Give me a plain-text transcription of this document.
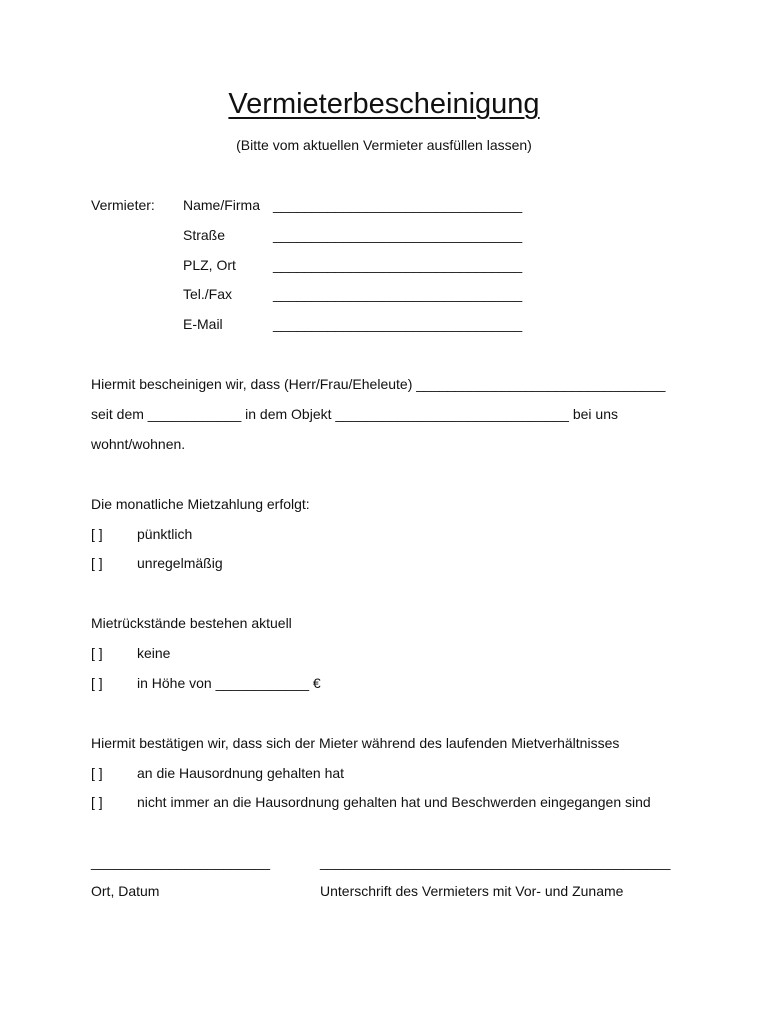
Vermieterbescheinigung
(Bitte vom aktuellen Vermieter ausfüllen lassen)
Vermieter: Name/Firma ________________________________
Straße	________________________________
PLZ, Ort	________________________________
Tel./Fax	________________________________
E-Mail	________________________________
Hiermit bescheinigen wir, dass (Herr/Frau/Eheleute) ________________________________
seit dem ____________ in dem Objekt ______________________________ bei uns
wohnt/wohnen.
Die monatliche Mietzahlung erfolgt:
[ ] pünktlich
[ ] unregelmäßig
Mietrückstände bestehen aktuell
[ ] keine
[ ] in Höhe von ____________ €
Hiermit bestätigen wir, dass sich der Mieter während des laufenden Mietverhältnisses
[ ] an die Hausordnung gehalten hat
[ ] nicht immer an die Hausordnung gehalten hat und Beschwerden eingegangen sind
_______________________	_____________________________________________
Ort, Datum	Unterschrift des Vermieters mit Vor- und Zuname
